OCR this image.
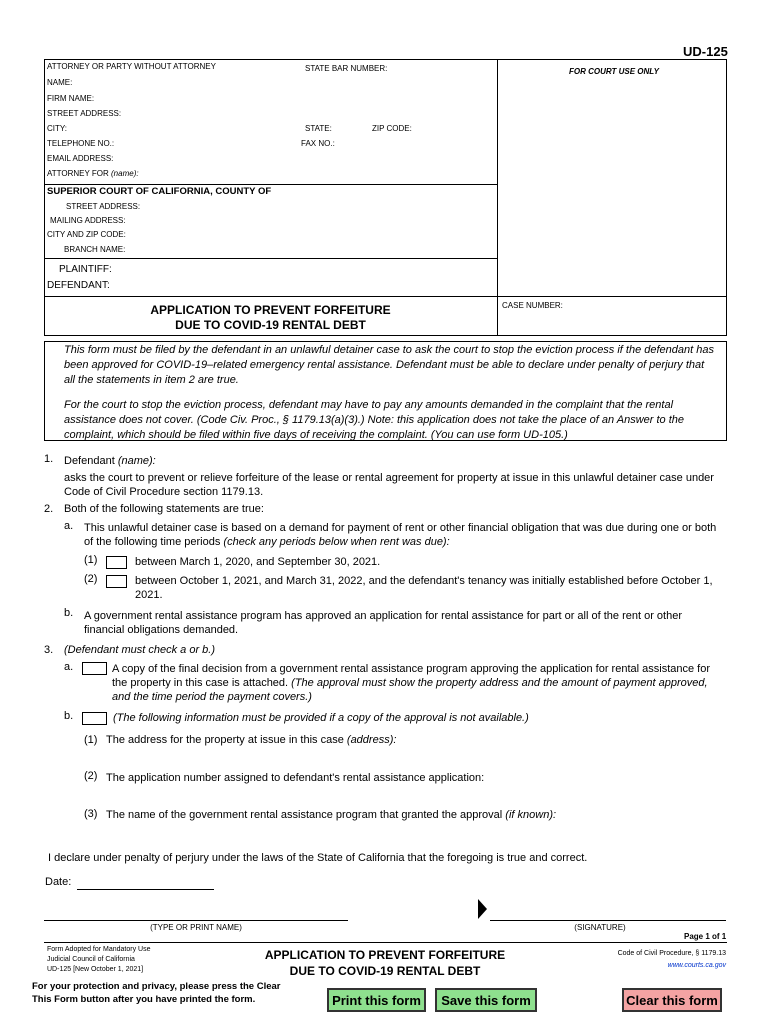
UD-125
ATTORNEY OR PARTY WITHOUT ATTORNEY	STATE BAR NUMBER:	FOR COURT USE ONLY
NAME:
FIRM NAME:
STREET ADDRESS:
CITY:	STATE:	ZIP CODE:
TELEPHONE NO.:	FAX NO.:
EMAIL ADDRESS:
ATTORNEY FOR (name):
SUPERIOR COURT OF CALIFORNIA, COUNTY OF
STREET ADDRESS:
MAILING ADDRESS:
CITY AND ZIP CODE:
BRANCH NAME:
PLAINTIFF:
DEFENDANT:
APPLICATION TO PREVENT FORFEITURE
DUE TO COVID-19 RENTAL DEBT
CASE NUMBER:
This form must be filed by the defendant in an unlawful detainer case to ask the court to stop the eviction process if the defendant has been approved for COVID-19–related emergency rental assistance. Defendant must be able to declare under penalty of perjury that all the statements in item 2 are true.
For the court to stop the eviction process, defendant may have to pay any amounts demanded in the complaint that the rental assistance does not cover. (Code Civ. Proc., § 1179.13(a)(3).) Note: this application does not take the place of an Answer to the complaint, which should be filed within five days of receiving the complaint. (You can use form UD-105.)
1. Defendant (name):
asks the court to prevent or relieve forfeiture of the lease or rental agreement for property at issue in this unlawful detainer case under Code of Civil Procedure section 1179.13.
2. Both of the following statements are true:
a. This unlawful detainer case is based on a demand for payment of rent or other financial obligation that was due during one or both of the following time periods (check any periods below when rent was due):
(1)	between March 1, 2020, and September 30, 2021.
(2)	between October 1, 2021, and March 31, 2022, and the defendant's tenancy was initially established before October 1, 2021.
b. A government rental assistance program has approved an application for rental assistance for part or all of the rent or other financial obligations demanded.
3. (Defendant must check a or b.)
a.	A copy of the final decision from a government rental assistance program approving the application for rental assistance for the property in this case is attached. (The approval must show the property address and the amount of payment approved, and the time period the payment covers.)
b.	(The following information must be provided if a copy of the approval is not available.)
(1) The address for the property at issue in this case (address):
(2) The application number assigned to defendant's rental assistance application:
(3) The name of the government rental assistance program that granted the approval (if known):
I declare under penalty of perjury under the laws of the State of California that the foregoing is true and correct.
Date:
(TYPE OR PRINT NAME)	(SIGNATURE)
Page 1 of 1
Form Adopted for Mandatory Use
Judicial Council of California
UD-125 [New October 1, 2021]
APPLICATION TO PREVENT FORFEITURE
DUE TO COVID-19 RENTAL DEBT
Code of Civil Procedure, § 1179.13
www.courts.ca.gov
For your protection and privacy, please press the Clear
This Form button after you have printed the form.	Print this form	Save this form	Clear this form
